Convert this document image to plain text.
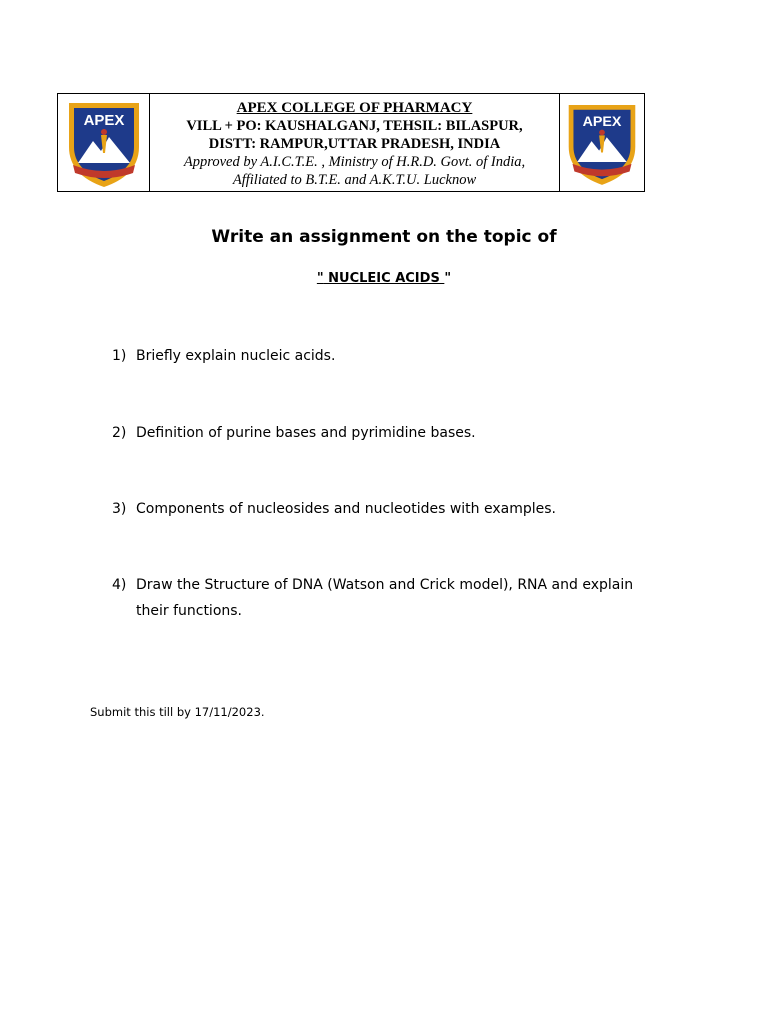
APEX
APEX COLLEGE OF PHARMACY
VILL + PO: KAUSHALGANJ, TEHSIL: BILASPUR,
DISTT: RAMPUR,UTTAR PRADESH, INDIA
Approved by A.I.C.T.E. , Ministry of H.R.D. Govt. of India,
Affiliated to B.T.E. and A.K.T.U. Lucknow
APEX
Write an assignment on the topic of
" NUCLEIC ACIDS "
1) Briefly explain nucleic acids.
2) Definition of purine bases and pyrimidine bases.
3) Components of nucleosides and nucleotides with examples.
4) Draw the Structure of DNA (Watson and Crick model), RNA and explain their functions.
Submit this till by 17/11/2023.
